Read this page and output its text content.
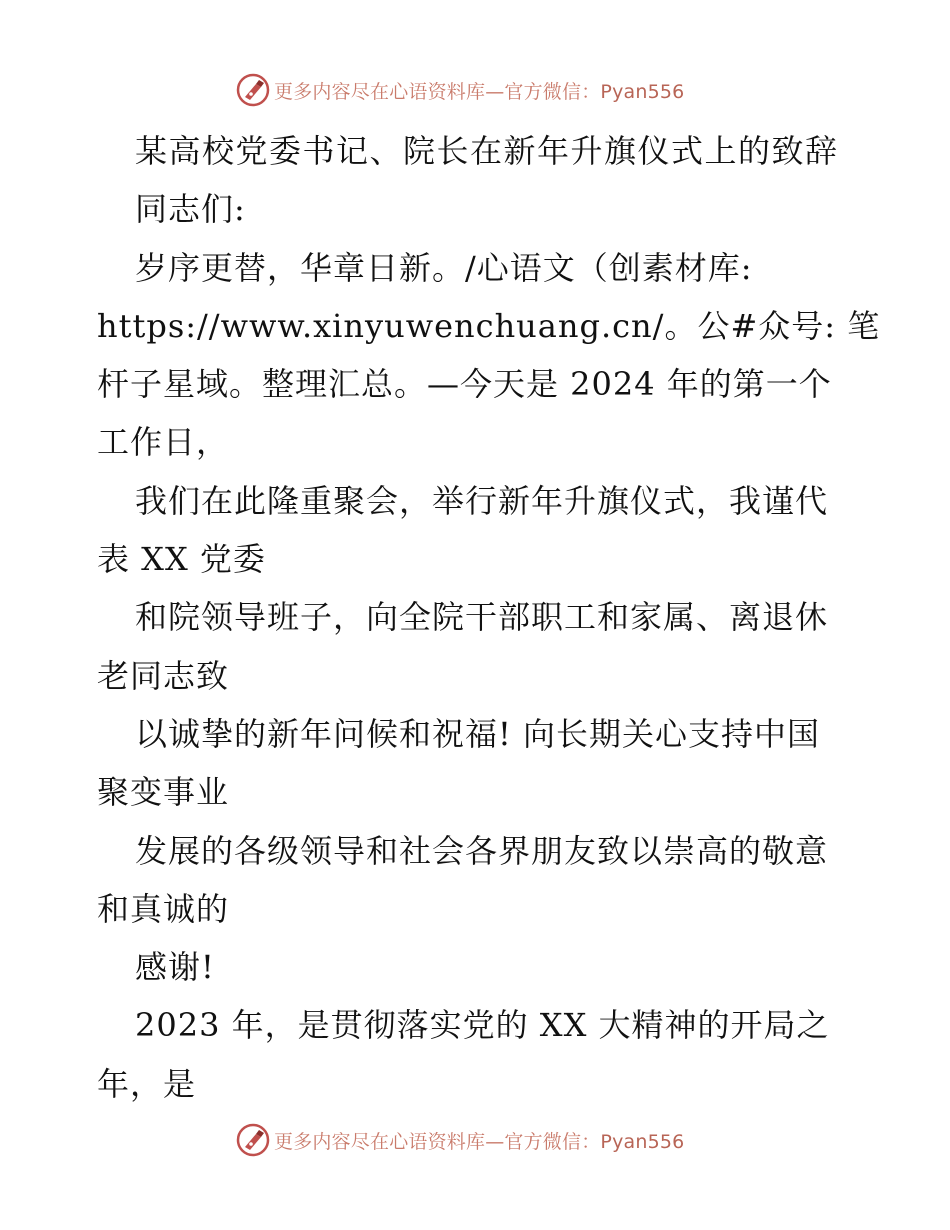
更多内容尽在心语资料库—官方微信：Pyan556
某高校党委书记、院长在新年升旗仪式上的致辞
同志们:
岁序更替，华章日新。/心语文（创素材库:
https://www.xinyuwenchuang.cn/。公#众号: 笔
杆子星域。整理汇总。—今天是 2024 年的第一个
工作日，
我们在此隆重聚会，举行新年升旗仪式，我谨代
表 XX 党委
和院领导班子，向全院干部职工和家属、离退休
老同志致
以诚挚的新年问候和祝福! 向长期关心支持中国
聚变事业
发展的各级领导和社会各界朋友致以崇高的敬意
和真诚的
感谢!
2023 年，是贯彻落实党的 XX 大精神的开局之
年，是
更多内容尽在心语资料库—官方微信：Pyan556
